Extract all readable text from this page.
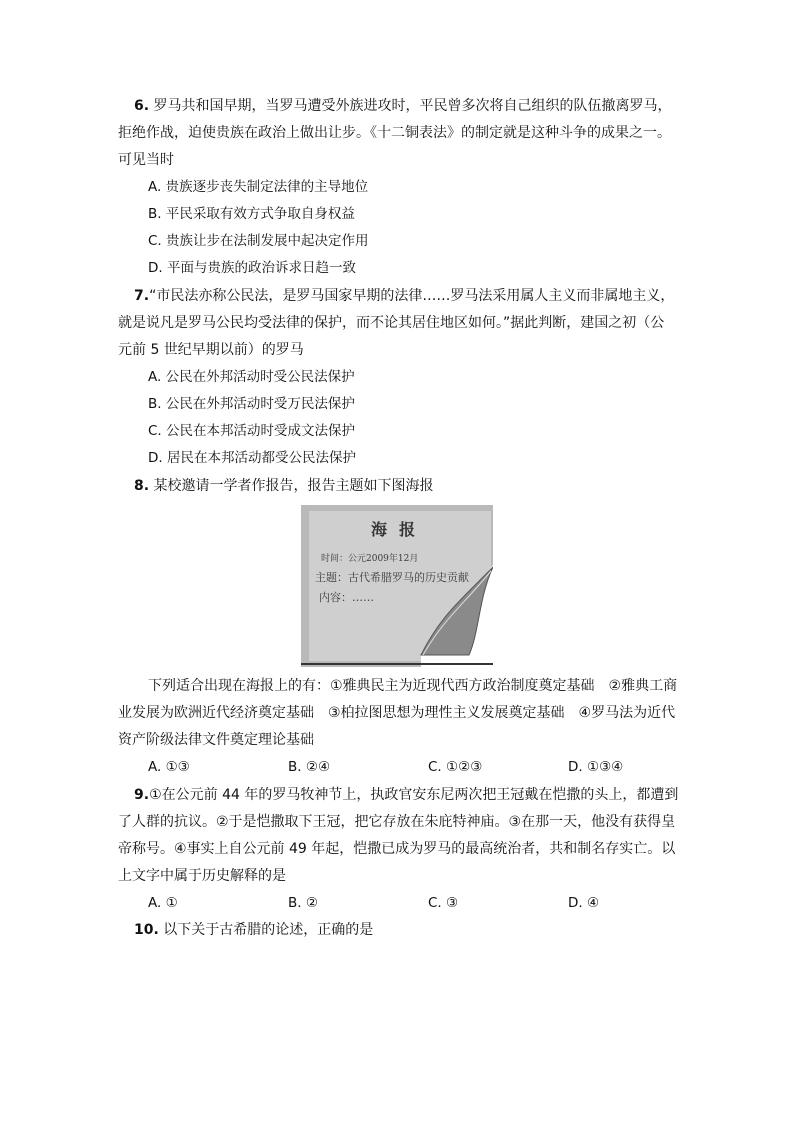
6. 罗马共和国早期，当罗马遭受外族进攻时，平民曾多次将自己组织的队伍撤离罗马，
拒绝作战，迫使贵族在政治上做出让步。《十二铜表法》的制定就是这种斗争的成果之一。
可见当时
A. 贵族逐步丧失制定法律的主导地位
B. 平民采取有效方式争取自身权益
C. 贵族让步在法制发展中起决定作用
D. 平面与贵族的政治诉求日趋一致
7.“市民法亦称公民法，是罗马国家早期的法律……罗马法采用属人主义而非属地主义，
就是说凡是罗马公民均受法律的保护，而不论其居住地区如何。”据此判断，建国之初（公
元前 5 世纪早期以前）的罗马
A. 公民在外邦活动时受公民法保护
B. 公民在外邦活动时受万民法保护
C. 公民在本邦活动时受成文法保护
D. 居民在本邦活动都受公民法保护
8. 某校邀请一学者作报告，报告主题如下图海报
海报
时间：公元2009年12月
主题：古代希腊罗马的历史贡献
内容：……
下列适合出现在海报上的有：①雅典民主为近现代西方政治制度奠定基础　②雅典工商
业发展为欧洲近代经济奠定基础　③柏拉图思想为理性主义发展奠定基础　④罗马法为近代
资产阶级法律文件奠定理论基础
A. ①③	B. ②④	C. ①②③	D. ①③④
9.①在公元前 44 年的罗马牧神节上，执政官安东尼两次把王冠戴在恺撒的头上，都遭到
了人群的抗议。②于是恺撒取下王冠，把它存放在朱庇特神庙。③在那一天，他没有获得皇
帝称号。④事实上自公元前 49 年起，恺撒已成为罗马的最高统治者，共和制名存实亡。以
上文字中属于历史解释的是
A. ①	B. ②	C. ③	D. ④
10. 以下关于古希腊的论述，正确的是
